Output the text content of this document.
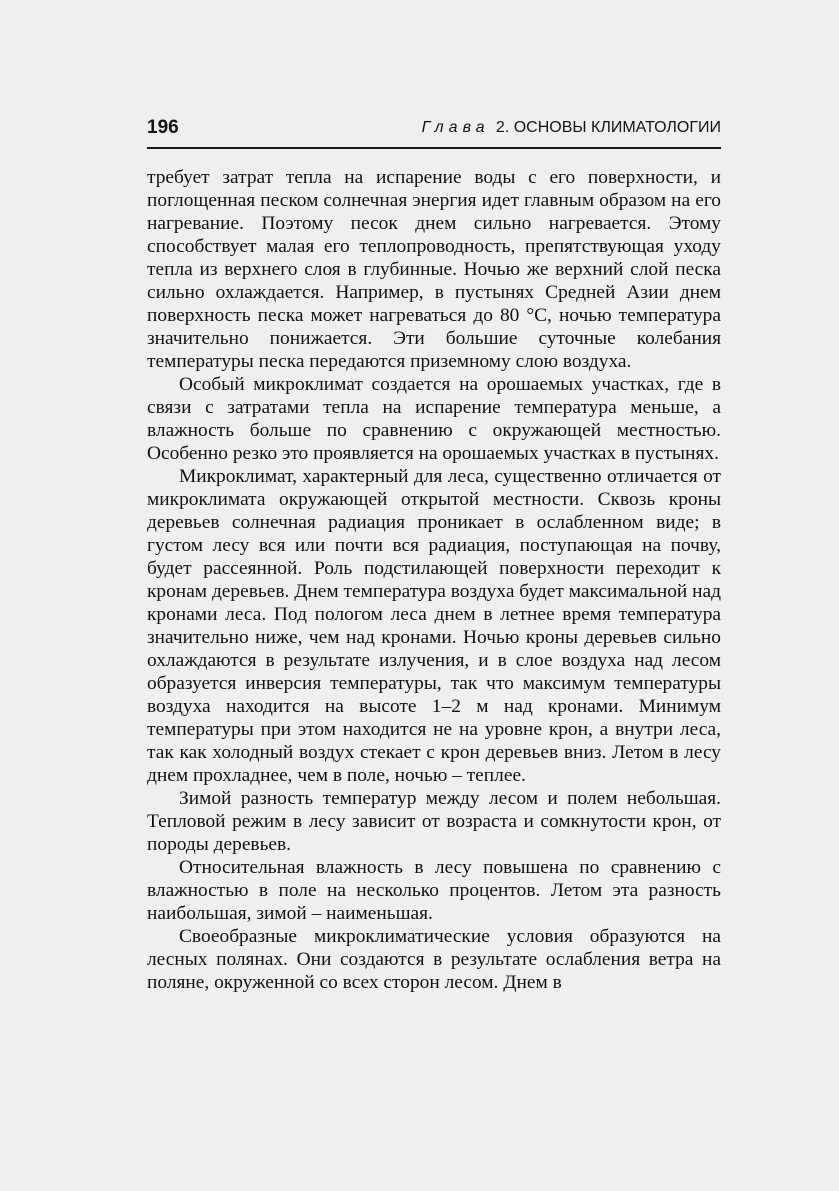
196	Глава 2. ОСНОВЫ КЛИМАТОЛОГИИ

требует затрат тепла на испарение воды с его поверхности, и поглощенная песком солнечная энергия идет главным образом на его нагревание. Поэтому песок днем сильно нагревается. Этому способствует малая его теплопроводность, препятствующая уходу тепла из верхнего слоя в глубинные. Ночью же верхний слой песка сильно охлаждается. Например, в пустынях Средней Азии днем поверхность песка может нагреваться до 80 °С, ночью температура значительно понижается. Эти большие суточные колебания температуры песка передаются приземному слою воздуха.

Особый микроклимат создается на орошаемых участках, где в связи с затратами тепла на испарение температура меньше, а влажность больше по сравнению с окружающей местностью. Особенно резко это проявляется на орошаемых участках в пустынях.

Микроклимат, характерный для леса, существенно отличается от микроклимата окружающей открытой местности. Сквозь кроны деревьев солнечная радиация проникает в ослабленном виде; в густом лесу вся или почти вся радиация, поступающая на почву, будет рассеянной. Роль подстилающей поверхности переходит к кронам деревьев. Днем температура воздуха будет максимальной над кронами леса. Под пологом леса днем в летнее время температура значительно ниже, чем над кронами. Ночью кроны деревьев сильно охлаждаются в результате излучения, и в слое воздуха над лесом образуется инверсия температуры, так что максимум температуры воздуха находится на высоте 1–2 м над кронами. Минимум температуры при этом находится не на уровне крон, а внутри леса, так как холодный воздух стекает с крон деревьев вниз. Летом в лесу днем прохладнее, чем в поле, ночью – теплее.

Зимой разность температур между лесом и полем небольшая. Тепловой режим в лесу зависит от возраста и сомкнутости крон, от породы деревьев.

Относительная влажность в лесу повышена по сравнению с влажностью в поле на несколько процентов. Летом эта разность наибольшая, зимой – наименьшая.

Своеобразные микроклиматические условия образуются на лесных полянах. Они создаются в результате ослабления ветра на поляне, окруженной со всех сторон лесом. Днем в
